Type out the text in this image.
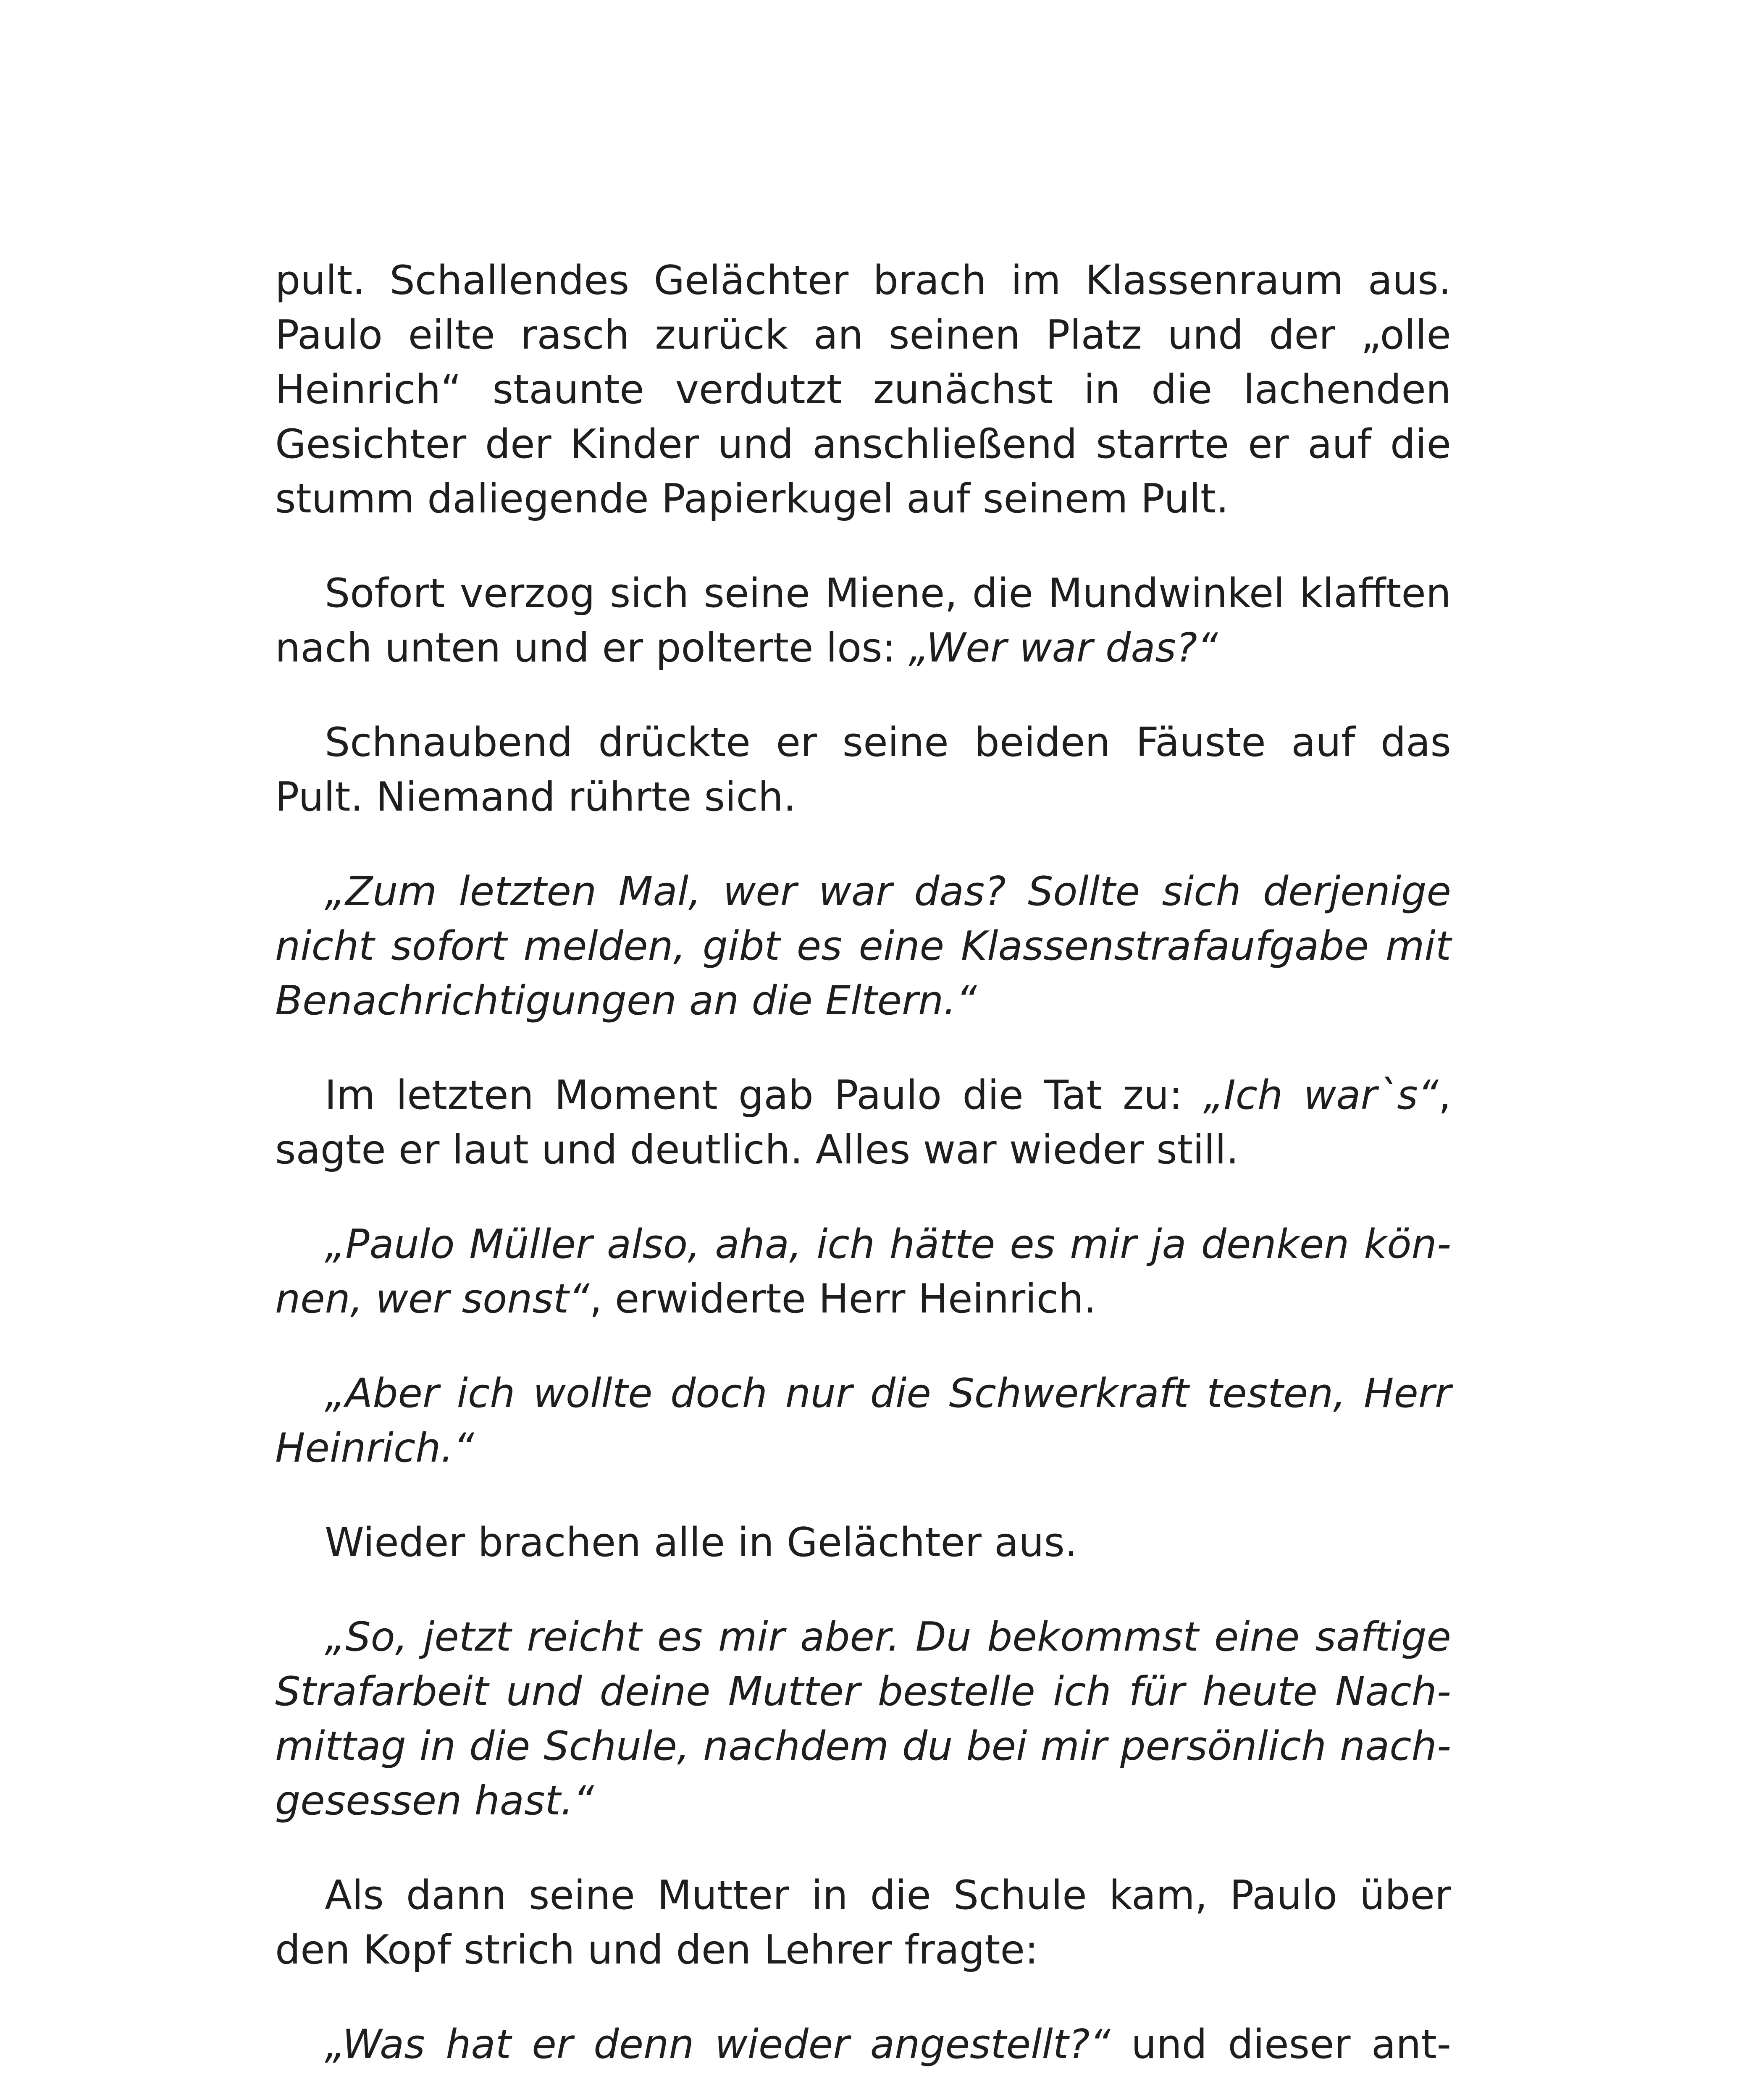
pult. Schallendes Gelächter brach im Klassenraum aus. Paulo eilte rasch zurück an seinen Platz und der „olle Heinrich“ staunte verdutzt zunächst in die lachenden Gesichter der Kinder und anschließend starrte er auf die stumm daliegende Papierkugel auf seinem Pult.

Sofort verzog sich seine Miene, die Mundwinkel klafften nach unten und er polterte los: „Wer war das?“

Schnaubend drückte er seine beiden Fäuste auf das Pult. Niemand rührte sich.

„Zum letzten Mal, wer war das? Sollte sich derjenige nicht sofort melden, gibt es eine Klassenstrafaufgabe mit Benachrichtigungen an die Eltern.“

Im letzten Moment gab Paulo die Tat zu: „Ich war`s“, sagte er laut und deutlich. Alles war wieder still.

„Paulo Müller also, aha, ich hätte es mir ja denken können, wer sonst“, erwiderte Herr Heinrich.

„Aber ich wollte doch nur die Schwerkraft testen, Herr Heinrich.“

Wieder brachen alle in Gelächter aus.

„So, jetzt reicht es mir aber. Du bekommst eine saftige Strafarbeit und deine Mutter bestelle ich für heute Nachmittag in die Schule, nachdem du bei mir persönlich nachgesessen hast.“

Als dann seine Mutter in die Schule kam, Paulo über den Kopf strich und den Lehrer fragte:

„Was hat er denn wieder angestellt?“ und dieser ant-
